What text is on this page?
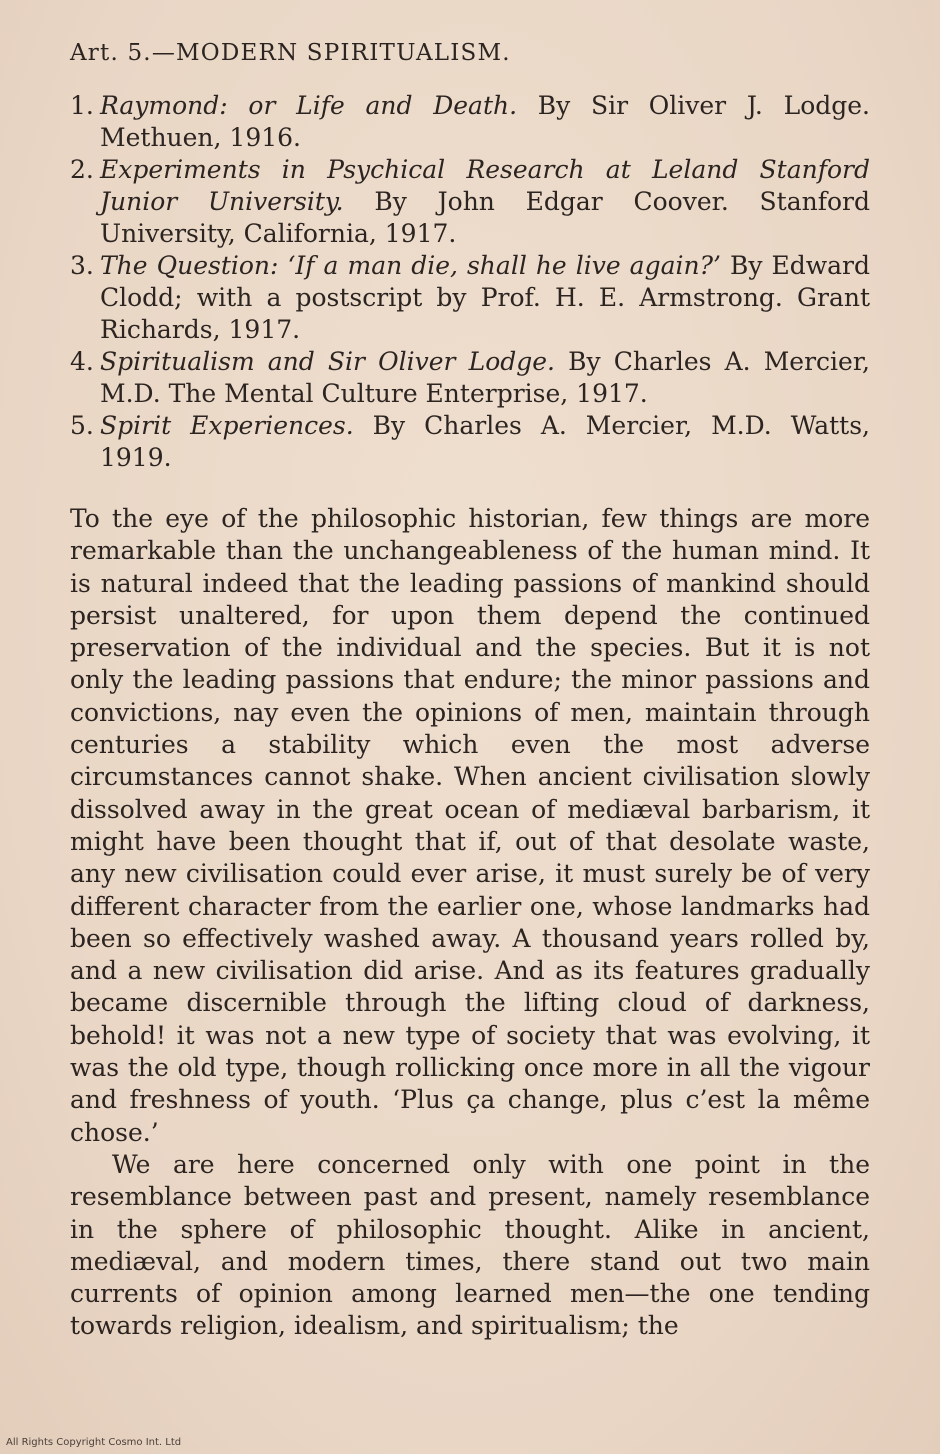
Art. 5.—MODERN SPIRITUALISM.
1. Raymond: or Life and Death. By Sir Oliver J. Lodge. Methuen, 1916.
2. Experiments in Psychical Research at Leland Stanford Junior University. By John Edgar Coover. Stanford University, California, 1917.
3. The Question: ‘If a man die, shall he live again?’ By Edward Clodd; with a postscript by Prof. H. E. Armstrong. Grant Richards, 1917.
4. Spiritualism and Sir Oliver Lodge. By Charles A. Mercier, M.D. The Mental Culture Enterprise, 1917.
5. Spirit Experiences. By Charles A. Mercier, M.D. Watts, 1919.

To the eye of the philosophic historian, few things are more remarkable than the unchangeableness of the human mind. It is natural indeed that the leading passions of mankind should persist unaltered, for upon them depend the continued preservation of the individual and the species. But it is not only the leading passions that endure; the minor passions and convictions, nay even the opinions of men, maintain through centuries a stability which even the most adverse circumstances cannot shake. When ancient civilisation slowly dissolved away in the great ocean of mediæval barbarism, it might have been thought that if, out of that desolate waste, any new civilisation could ever arise, it must surely be of very different character from the earlier one, whose landmarks had been so effectively washed away. A thousand years rolled by, and a new civilisation did arise. And as its features gradually became discernible through the lifting cloud of darkness, behold! it was not a new type of society that was evolving, it was the old type, though rollicking once more in all the vigour and freshness of youth. ‘Plus ça change, plus c’est la même chose.’

We are here concerned only with one point in the resemblance between past and present, namely resemblance in the sphere of philosophic thought. Alike in ancient, mediæval, and modern times, there stand out two main currents of opinion among learned men—the one tending towards religion, idealism, and spiritualism; the

All Rights Copyright Cosmo Int. Ltd
